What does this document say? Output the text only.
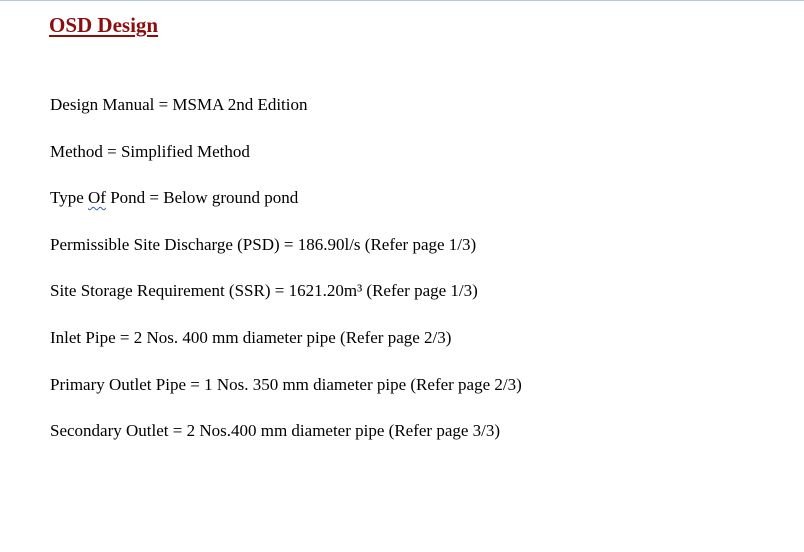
OSD Design
Design Manual = MSMA 2nd Edition
Method = Simplified Method
Type Of Pond = Below ground pond
Permissible Site Discharge (PSD) = 186.90l/s (Refer page 1/3)
Site Storage Requirement (SSR) = 1621.20m³ (Refer page 1/3)
Inlet Pipe = 2 Nos. 400 mm diameter pipe (Refer page 2/3)
Primary Outlet Pipe = 1 Nos. 350 mm diameter pipe (Refer page 2/3)
Secondary Outlet = 2 Nos.400 mm diameter pipe (Refer page 3/3)
